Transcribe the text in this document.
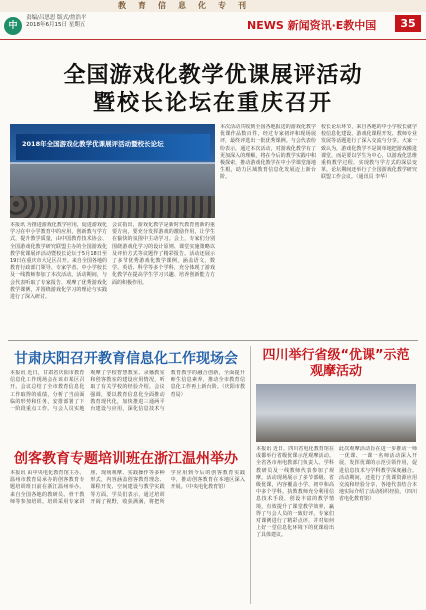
教育信息化专刊
中
责编/吕思思 版式/詹浩平
2018年6月15日 星期五	NEWS 新闻资讯·E教中国	35
全国游戏化教学优课展评活动
暨校长论坛在重庆召开
2018年全国游戏化教学优课展评活动暨校长论坛
本报讯 为推进游戏化教学应用，促进游戏化学习在中小学教育中的应用，创新教与学方式，提升教学质量，由中国教育技术协会、全国游戏化教学研究联盟主办的全国游戏化教学优课展评活动暨校长论坛于5月18日至19日在重庆市大足区召开。来自全国各地的教育行政部门领导、专家学者、中小学校长及一线教师参加了本次活动。活动期间，与会代表听取了专家报告，观摩了优秀游戏化教学课例，并围绕游戏化学习的理论与实践进行了深入研讨。
会议指出，游戏化教学是新时代教育创新的重要方向，要充分发挥游戏的激励作用，让学生在愉快的氛围中主动学习。会上，专家们分别围绕游戏化学习的设计原则、课堂实施策略以及评价方式等议题作了精彩报告。活动还展示了多节优秀游戏化教学课例，涵盖语文、数学、英语、科学等多个学科，充分体现了游戏化教学在提高学生学习兴趣、培养创新能力方面的积极作用。
本次活动共收到全国各地报送的游戏化教学优课作品数百件，经过专家初评和现场展评，最终评选出一批优秀课例。与会代表纷纷表示，通过本次活动，对游戏化教学有了更加深入的理解，将在今后的教学实践中积极探索，推动游戏化教学在中小学课堂落地生根，助力区域教育信息化发展迈上新台阶。
校长论坛环节，来自各地的中小学校长就学校信息化建设、游戏化课程开发、教师专业发展等话题进行了深入交流与分享。大家一致认为，游戏化教学不是简单地把游戏搬进课堂，而是要以学生为中心，以游戏化思维重构教学过程，实现教与学方式的深层变革。论坛期间还举行了全国游戏化教学研究联盟工作会议。（通讯员 李华）
甘肃庆阳召开教育信息化工作现场会
本报讯 近日，甘肃省庆阳市教育信息化工作现场会在该市某区召开。会议总结了全市教育信息化工作取得的成绩，分析了当前面临的形势和任务，安排部署了下一阶段重点工作。与会人员实地观摩了学校智慧教室、录播教室和创客教室的建设应用情况，听取了有关学校的经验介绍。会议强调，要以教育信息化全面推动教育现代化，加快推进三通两平台建设与应用，深化信息技术与教育教学的融合创新，全面提升师生信息素养，推动全市教育信息化工作再上新台阶。（庆阳市教育局）
创客教育专题培训班在浙江温州举办
本报讯 由中央电化教育馆主办、温州市教育局承办的创客教育专题培训班日前在浙江温州举办。来自全国各地的教研员、骨干教师等参加培训。培训采用专家讲座、现场观摩、实践操作等多种形式，内容涵盖创客教育理念、课程开发、空间建设与教学实践等方面。学员们表示，通过培训开阔了视野，收获满满，将把所学应用到今后的创客教育实践中，推动创客教育在本地区深入开展。（中央电化教育馆）
四川举行省级“优课”示范观摩活动
本报讯 近日，四川省电化教育馆在成都举行省级优课示范观摩活动。全省各市州电教部门负责人、学科教研员及一线教师代表参加了观摩。活动现场展示了多节部级、省级优课，内容覆盖小学、初中和高中多个学科。执教教师充分利用信息技术手段，创设丰富的教学情境，有效提升了课堂教学效率，赢得了与会人员的一致好评。专家们对课例进行了精彩点评，并对如何上好一堂信息化环境下的优课给出了具体建议。
此次观摩活动旨在进一步推动一师一优课、一课一名师活动深入开展，发挥优课的示范引领作用，促进信息技术与学科教学深度融合。活动期间，还进行了优课资源应用交流和经验分享，各地代表结合本地实际介绍了活动组织经验。（四川省电化教育馆）
